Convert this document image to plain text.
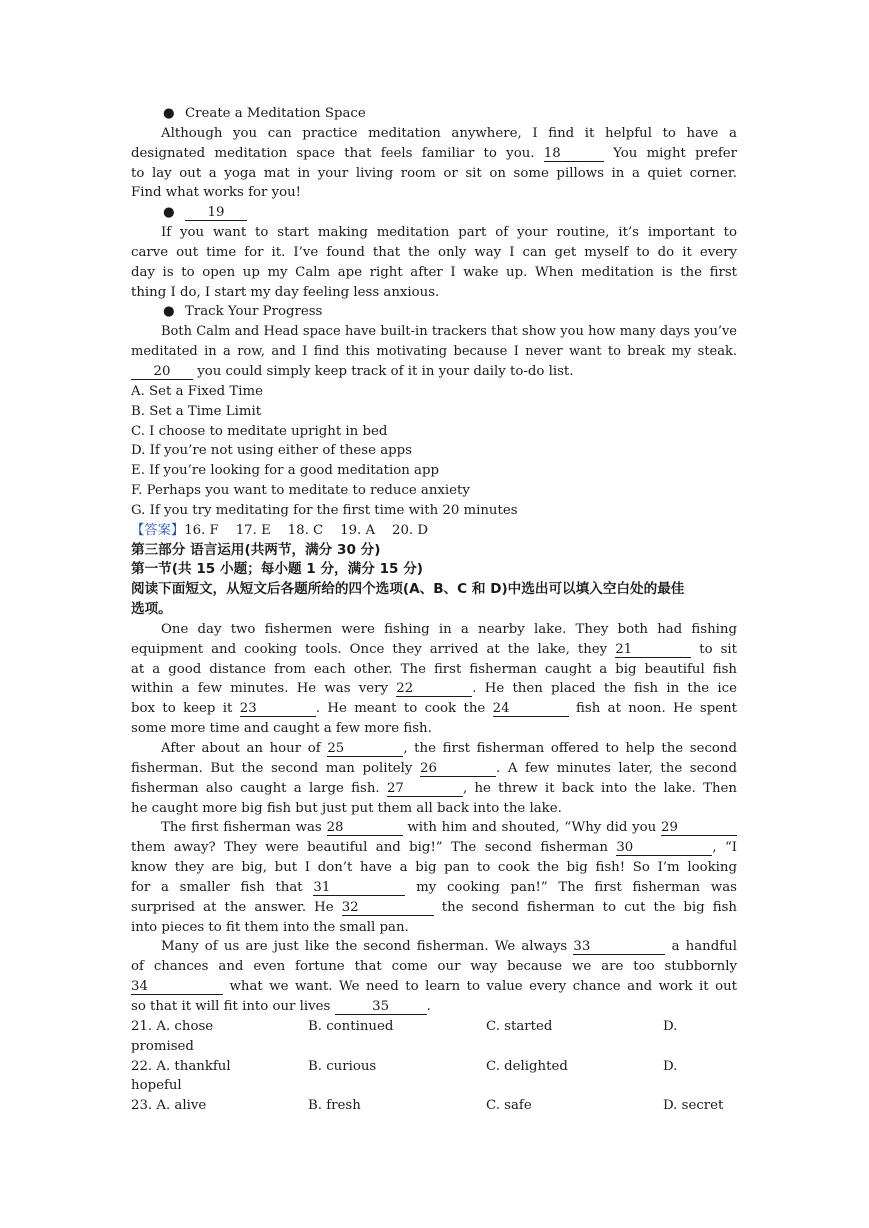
● Create a Meditation Space
Although you can practice meditation anywhere, I find it helpful to have a
designated meditation space that feels familiar to you. 18	You might prefer
to lay out a yoga mat in your living room or sit on some pillows in a quiet corner.
Find what works for you!
● 19
If you want to start making meditation part of your routine, it’s important to
carve out time for it. I’ve found that the only way I can get myself to do it every
day is to open up my Calm ape right after I wake up. When meditation is the first
thing I do, I start my day feeling less anxious.
● Track Your Progress
Both Calm and Head space have built-in trackers that show you how many days you’ve
meditated in a row, and I find this motivating because I never want to break my steak.
20 you could simply keep track of it in your daily to-do list.
A. Set a Fixed Time
B. Set a Time Limit
C. I choose to meditate upright in bed
D. If you’re not using either of these apps
E. If you’re looking for a good meditation app
F. Perhaps you want to meditate to reduce anxiety
G. If you try meditating for the first time with 20 minutes
【答案】16. F    17. E    18. C    19. A    20. D
第三部分 语言运用(共两节，满分 30 分)
第一节(共 15 小题；每小题 1 分，满分 15 分)
阅读下面短文，从短文后各题所给的四个选项(A、B、C 和 D)中选出可以填入空白处的最佳
选项。
One day two fishermen were fishing in a nearby lake. They both had fishing
equipment and cooking tools. Once they arrived at the lake, they 21	to sit
at a good distance from each other. The first fisherman caught a big beautiful fish
within a few minutes. He was very 22	. He then placed the fish in the ice
box to keep it 23	. He meant to cook the 24	fish at noon. He spent
some more time and caught a few more fish.
After about an hour of 25	, the first fisherman offered to help the second
fisherman. But the second man politely 26	. A few minutes later, the second
fisherman also caught a large fish. 27	, he threw it back into the lake. Then
he caught more big fish but just put them all back into the lake.
The first fisherman was 28	with him and shouted, “Why did you 29
them away? They were beautiful and big!” The second fisherman 30	, “I
know they are big, but I don’t have a big pan to cook the big fish! So I’m looking
for a smaller fish that 31	my cooking pan!” The first fisherman was
surprised at the answer. He 32	the second fisherman to cut the big fish
into pieces to fit them into the small pan.
Many of us are just like the second fisherman. We always 33	a handful
of chances and even fortune that come our way because we are too stubbornly
34	what we want. We need to learn to value every chance and work it out
so that it will fit into our lives	35	.
21. A. chose	B. continued	C. started	D.
promised
22. A. thankful	B. curious	C. delighted	D.
hopeful
23. A. alive	B. fresh	C. safe	D. secret
